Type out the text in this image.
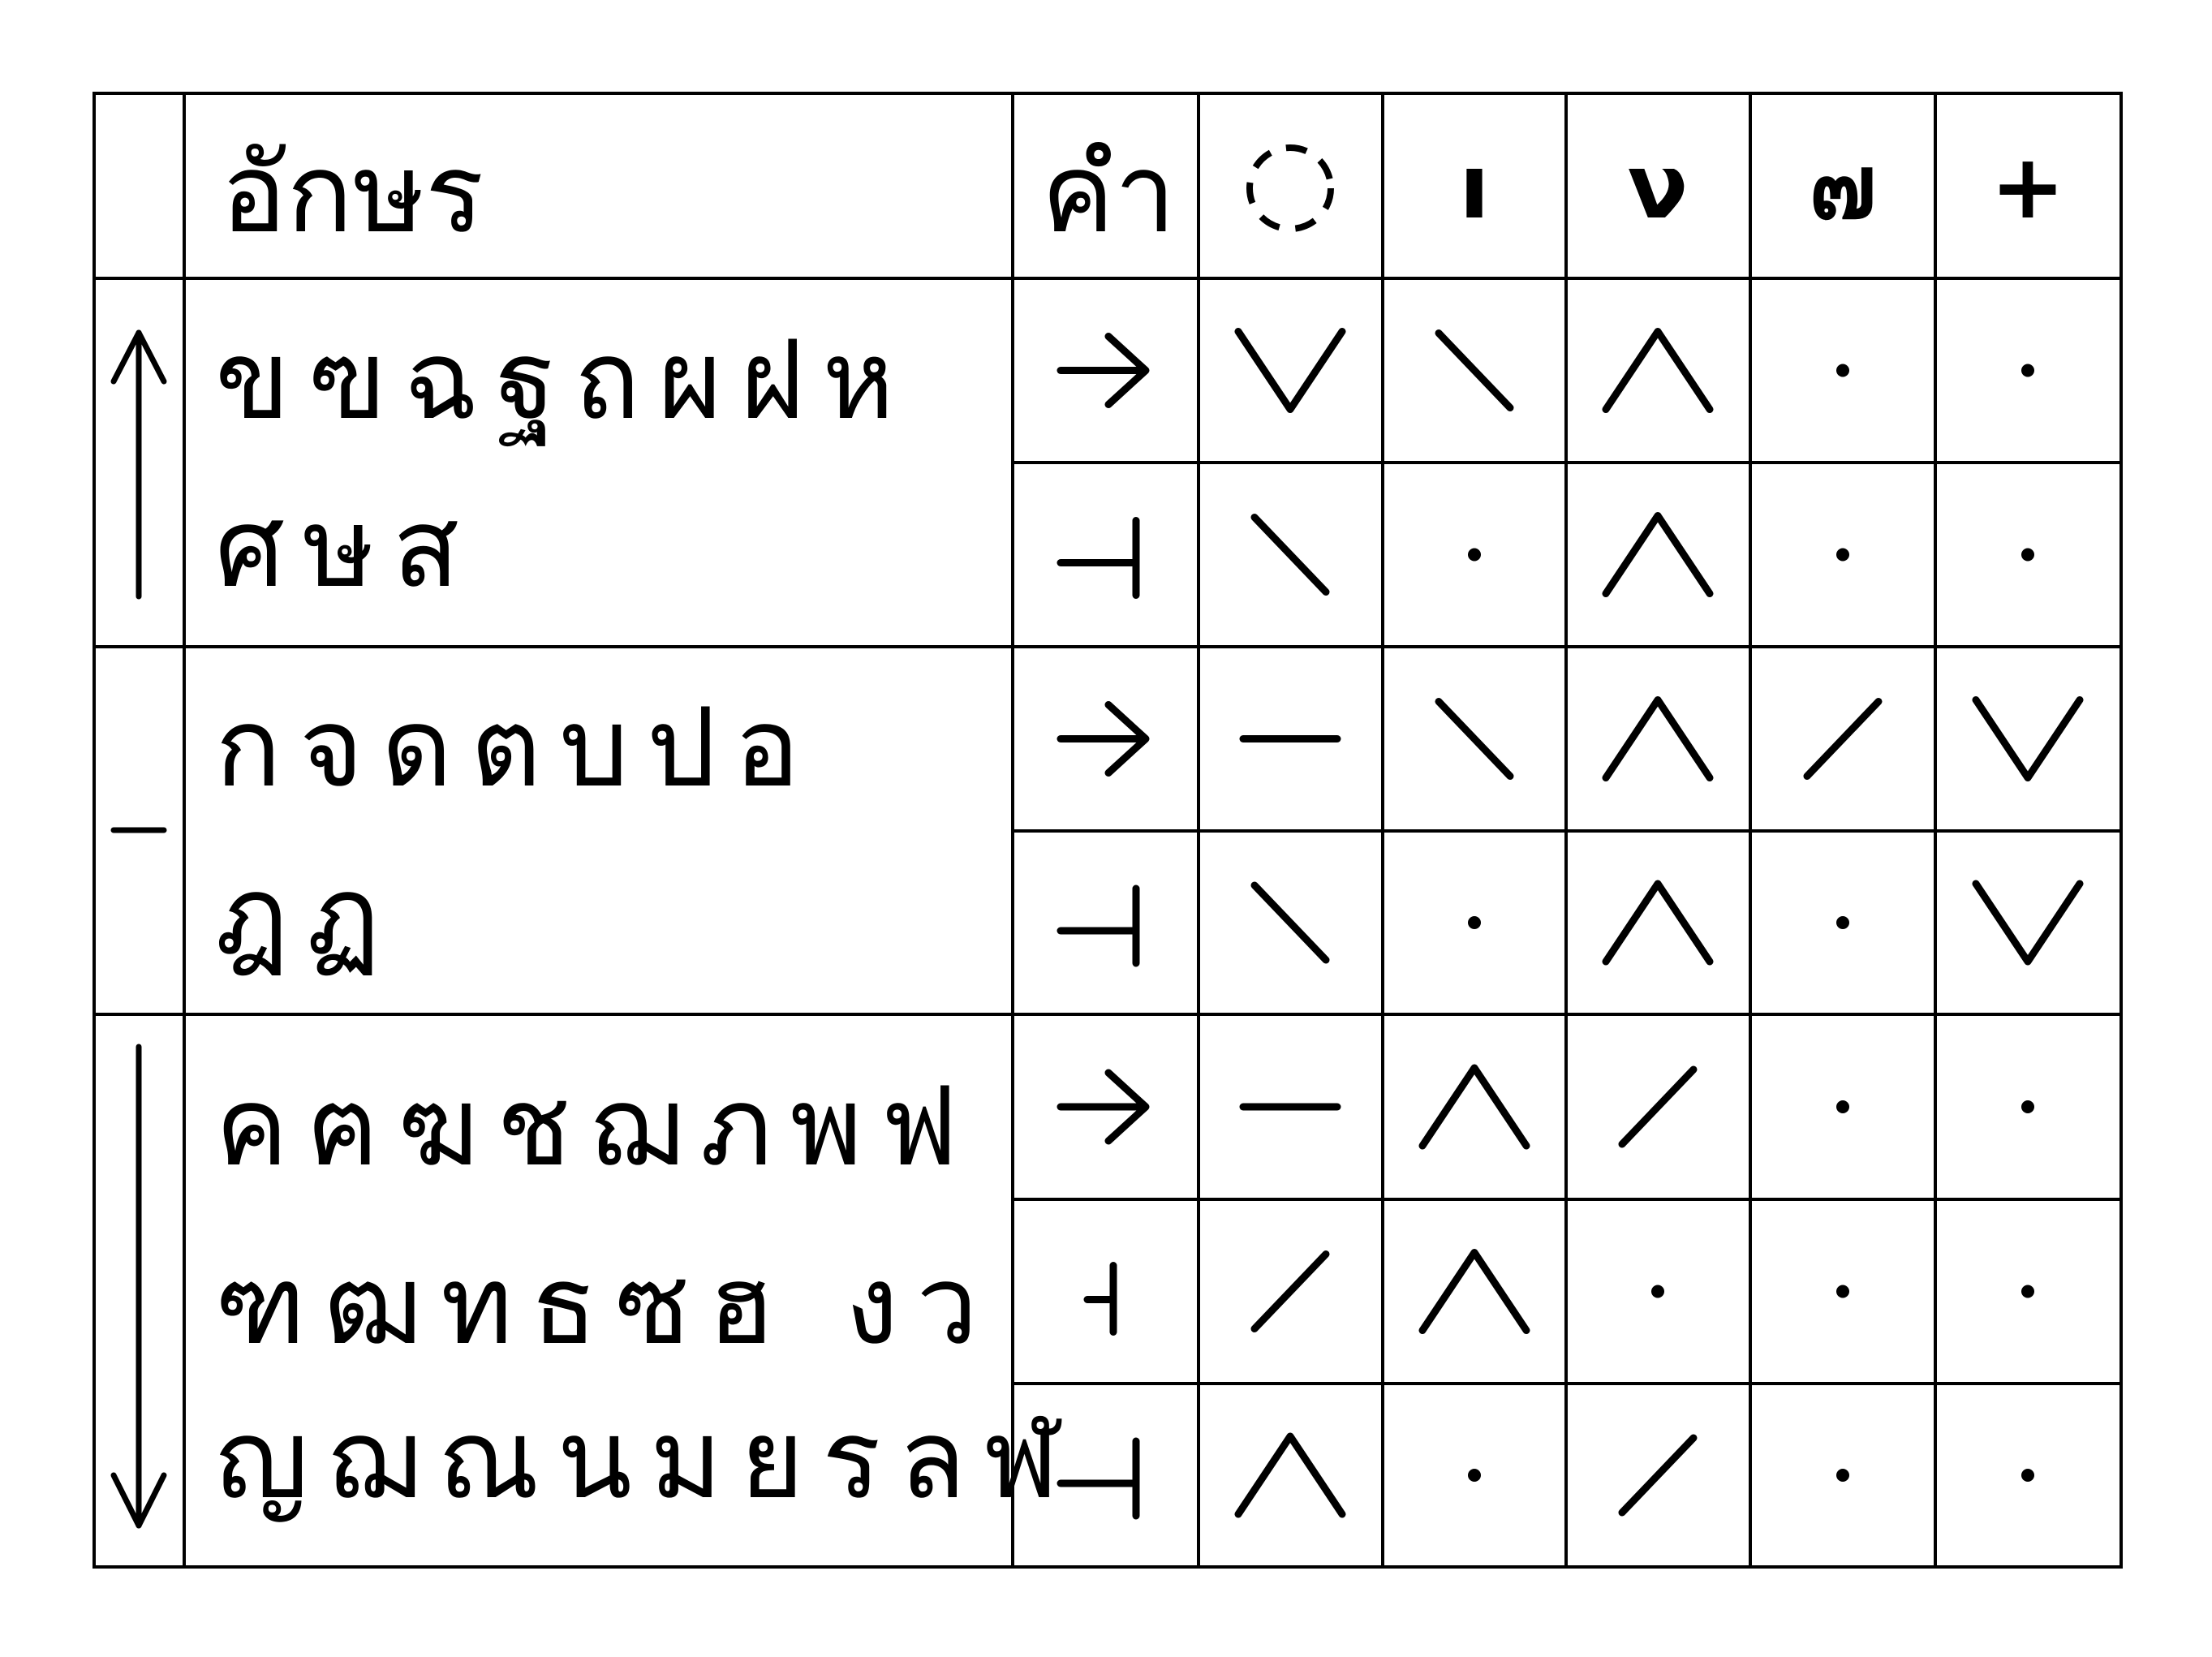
อักษร	คำ	ı ν ๗ +
ขฃฉฐถผฝห
ศษส
กจดตบปอ
ฎฏ
คฅฆชฌภพฟ
ฑฒทธซฮ งว
ญฌณนมยรลฬ
